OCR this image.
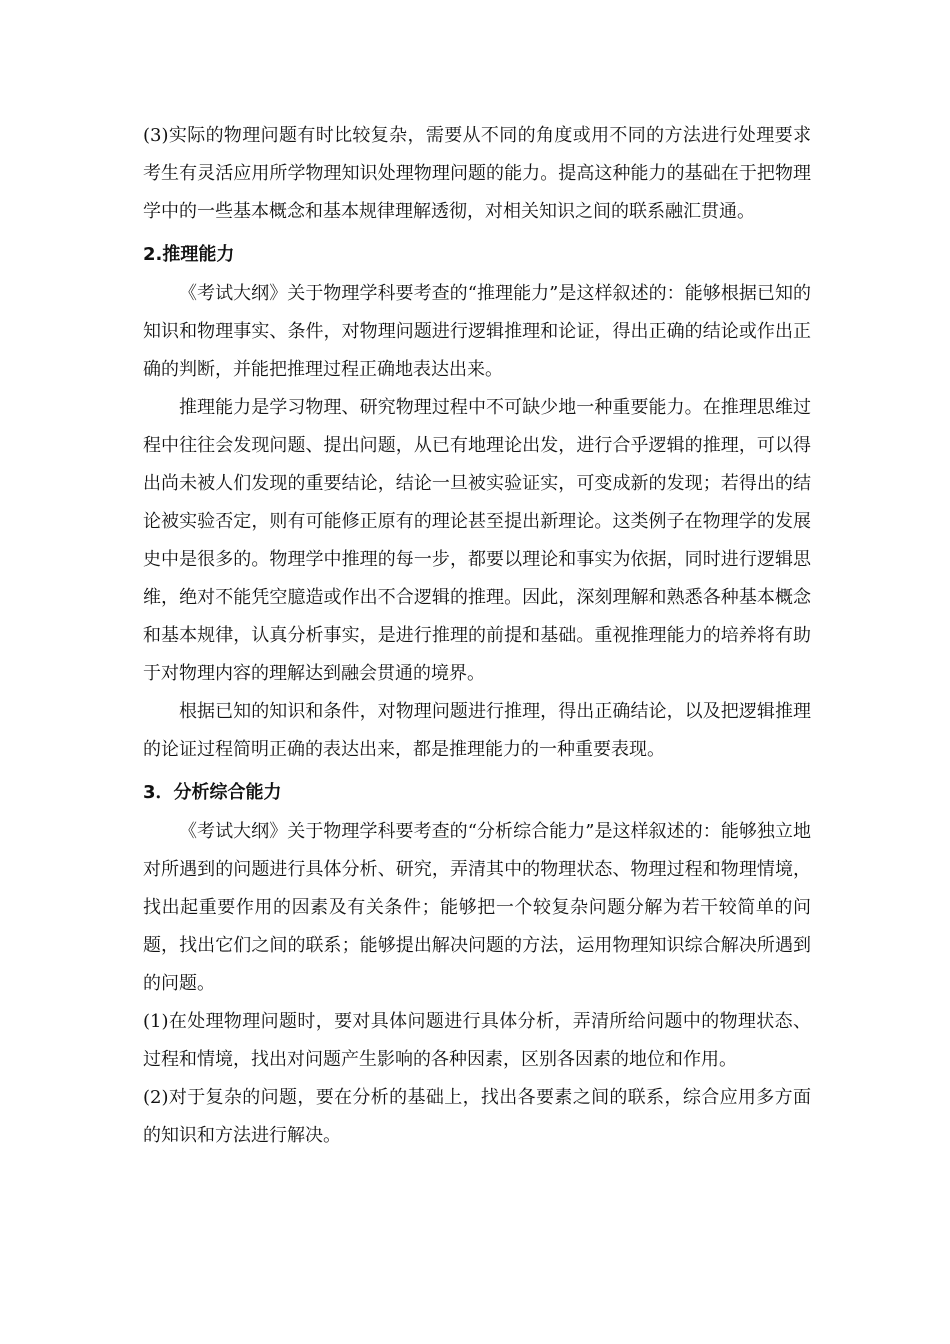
(3)实际的物理问题有时比较复杂，需要从不同的角度或用不同的方法进行处理要求考生有灵活应用所学物理知识处理物理问题的能力。提高这种能力的基础在于把物理学中的一些基本概念和基本规律理解透彻，对相关知识之间的联系融汇贯通。

2.推理能力

《考试大纲》关于物理学科要考查的“推理能力”是这样叙述的：能够根据已知的知识和物理事实、条件，对物理问题进行逻辑推理和论证，得出正确的结论或作出正确的判断，并能把推理过程正确地表达出来。

推理能力是学习物理、研究物理过程中不可缺少地一种重要能力。在推理思维过程中往往会发现问题、提出问题，从已有地理论出发，进行合乎逻辑的推理，可以得出尚未被人们发现的重要结论，结论一旦被实验证实，可变成新的发现；若得出的结论被实验否定，则有可能修正原有的理论甚至提出新理论。这类例子在物理学的发展史中是很多的。物理学中推理的每一步，都要以理论和事实为依据，同时进行逻辑思维，绝对不能凭空臆造或作出不合逻辑的推理。因此，深刻理解和熟悉各种基本概念和基本规律，认真分析事实，是进行推理的前提和基础。重视推理能力的培养将有助于对物理内容的理解达到融会贯通的境界。

根据已知的知识和条件，对物理问题进行推理，得出正确结论，以及把逻辑推理的论证过程简明正确的表达出来，都是推理能力的一种重要表现。

3．分析综合能力

《考试大纲》关于物理学科要考查的“分析综合能力”是这样叙述的：能够独立地对所遇到的问题进行具体分析、研究，弄清其中的物理状态、物理过程和物理情境，找出起重要作用的因素及有关条件；能够把一个较复杂问题分解为若干较简单的问题，找出它们之间的联系；能够提出解决问题的方法，运用物理知识综合解决所遇到的问题。

(1)在处理物理问题时，要对具体问题进行具体分析，弄清所给问题中的物理状态、过程和情境，找出对问题产生影响的各种因素，区别各因素的地位和作用。

(2)对于复杂的问题，要在分析的基础上，找出各要素之间的联系，综合应用多方面的知识和方法进行解决。
